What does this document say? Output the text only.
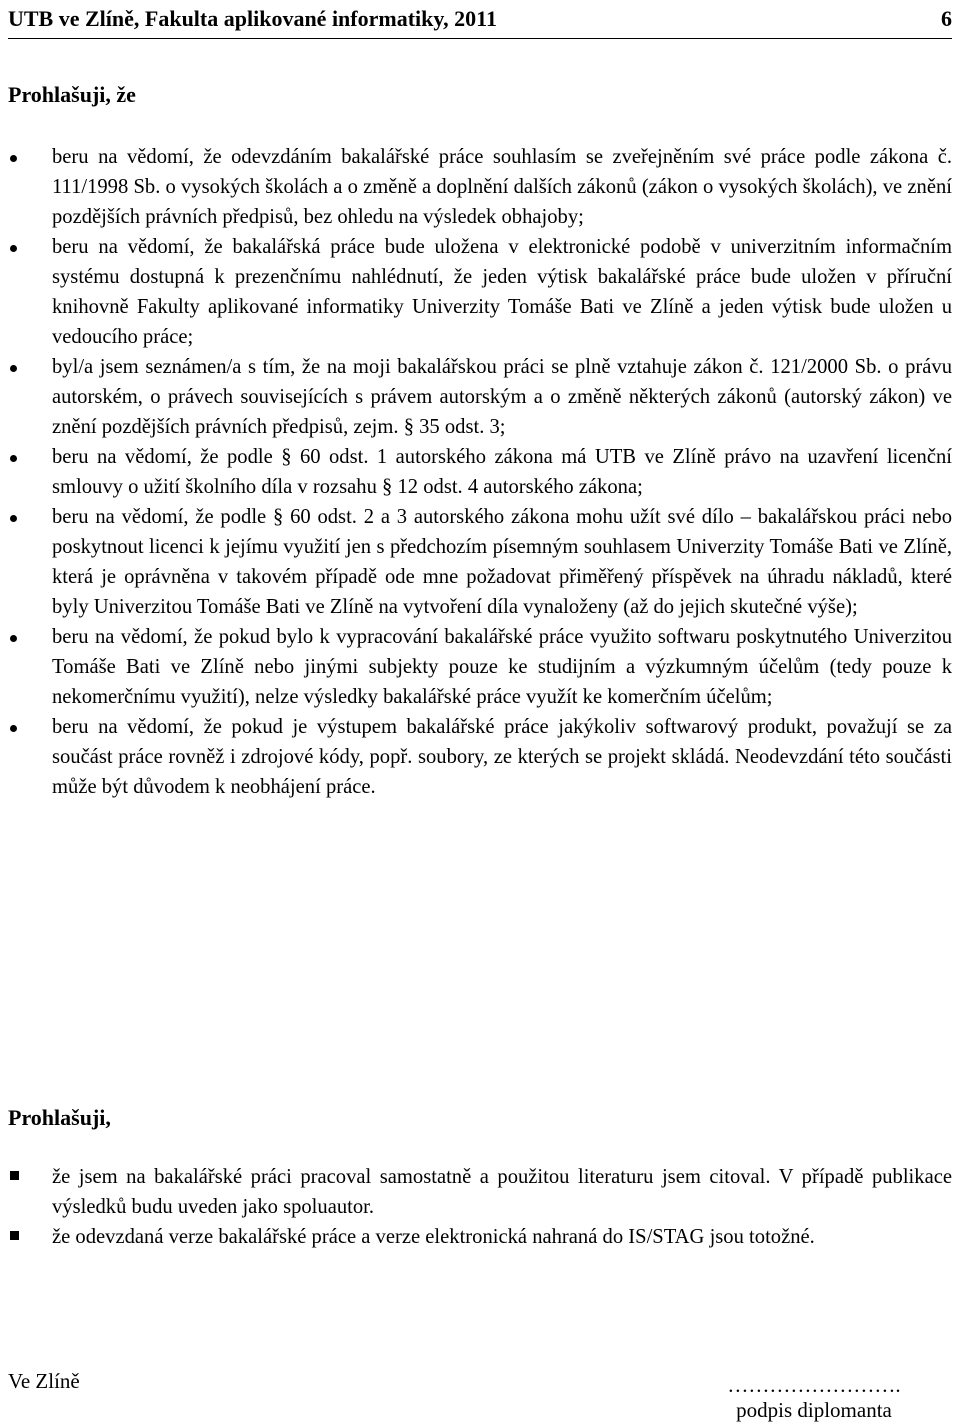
UTB ve Zlíně, Fakulta aplikované informatiky, 2011	6
Prohlašuji, že
beru na vědomí, že odevzdáním bakalářské práce souhlasím se zveřejněním své práce podle zákona č. 111/1998 Sb. o vysokých školách a o změně a doplnění dalších zákonů (zákon o vysokých školách), ve znění pozdějších právních předpisů, bez ohledu na výsledek obhajoby;
beru na vědomí, že bakalářská práce bude uložena v elektronické podobě v univerzitním informačním systému dostupná k prezenčnímu nahlédnutí, že jeden výtisk bakalářské práce bude uložen v příruční knihovně Fakulty aplikované informatiky Univerzity Tomáše Bati ve Zlíně a jeden výtisk bude uložen u vedoucího práce;
byl/a jsem seznámen/a s tím, že na moji bakalářskou práci se plně vztahuje zákon č. 121/2000 Sb. o právu autorském, o právech souvisejících s právem autorským a o změně některých zákonů (autorský zákon) ve znění pozdějších právních předpisů, zejm. § 35 odst. 3;
beru na vědomí, že podle § 60 odst. 1 autorského zákona má UTB ve Zlíně právo na uzavření licenční smlouvy o užití školního díla v rozsahu § 12 odst. 4 autorského zákona;
beru na vědomí, že podle § 60 odst. 2 a 3 autorského zákona mohu užít své dílo – bakalářskou práci nebo poskytnout licenci k jejímu využití jen s předchozím písemným souhlasem Univerzity Tomáše Bati ve Zlíně, která je oprávněna v takovém případě ode mne požadovat přiměřený příspěvek na úhradu nákladů, které byly Univerzitou Tomáše Bati ve Zlíně na vytvoření díla vynaloženy (až do jejich skutečné výše);
beru na vědomí, že pokud bylo k vypracování bakalářské práce využito softwaru poskytnutého Univerzitou Tomáše Bati ve Zlíně nebo jinými subjekty pouze ke studijním a výzkumným účelům (tedy pouze k nekomerčnímu využití), nelze výsledky bakalářské práce využít ke komerčním účelům;
beru na vědomí, že pokud je výstupem bakalářské práce jakýkoliv softwarový produkt, považují se za součást práce rovněž i zdrojové kódy, popř. soubory, ze kterých se projekt skládá. Neodevzdání této součásti může být důvodem k neobhájení práce.
Prohlašuji,
že jsem na bakalářské práci pracoval samostatně a použitou literaturu jsem citoval. V případě publikace výsledků budu uveden jako spoluautor.
že odevzdaná verze bakalářské práce a verze elektronická nahraná do IS/STAG jsou totožné.
Ve Zlíně	…………………….
podpis diplomanta
